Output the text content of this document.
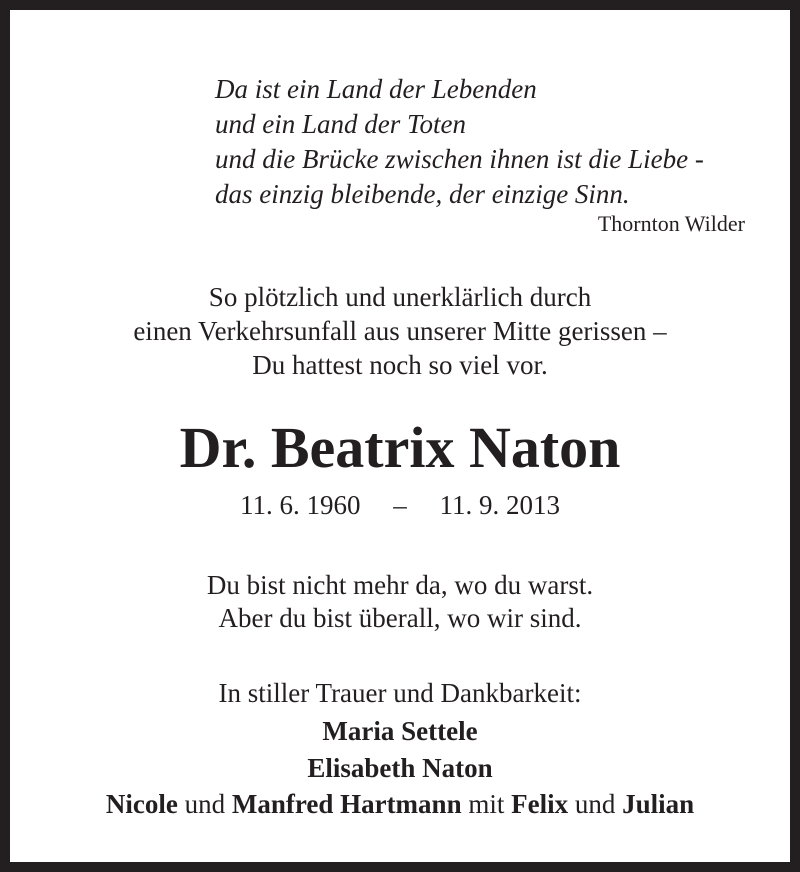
Da ist ein Land der Lebenden
und ein Land der Toten
und die Brücke zwischen ihnen ist die Liebe -
das einzig bleibende, der einzige Sinn.
Thornton Wilder
So plötzlich und unerklärlich durch
einen Verkehrsunfall aus unserer Mitte gerissen –
Du hattest noch so viel vor.
Dr. Beatrix Naton
11. 6. 1960 – 11. 9. 2013
Du bist nicht mehr da, wo du warst.
Aber du bist überall, wo wir sind.
In stiller Trauer und Dankbarkeit:
Maria Settele
Elisabeth Naton
Nicole und Manfred Hartmann mit Felix und Julian
